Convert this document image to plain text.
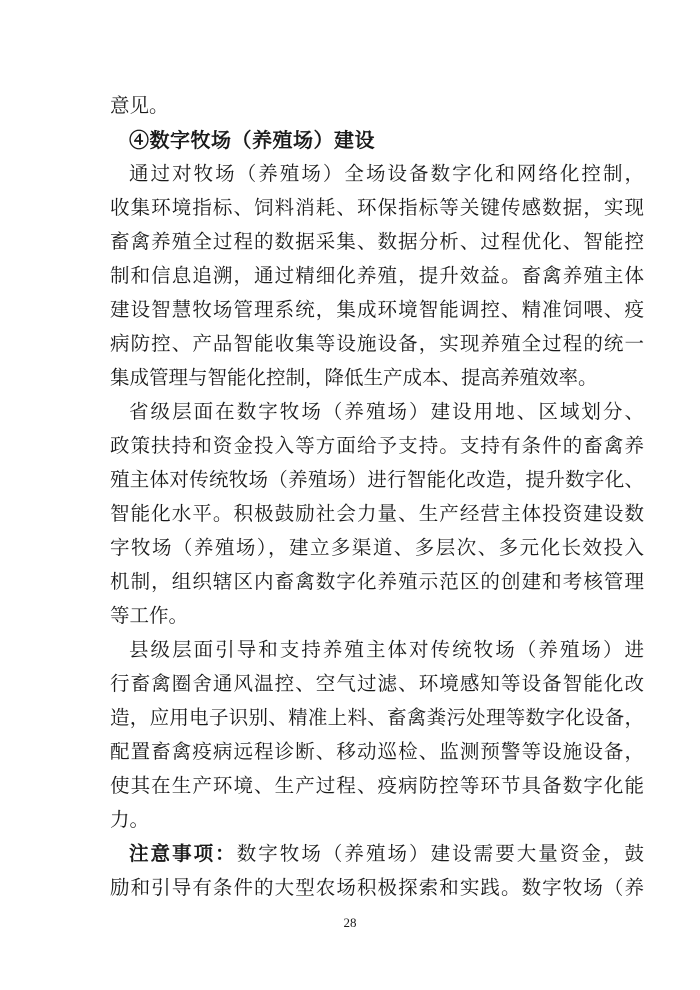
意见。
④数字牧场（养殖场）建设
通过对牧场（养殖场）全场设备数字化和网络化控制，
收集环境指标、饲料消耗、环保指标等关键传感数据，实现
畜禽养殖全过程的数据采集、数据分析、过程优化、智能控
制和信息追溯，通过精细化养殖，提升效益。畜禽养殖主体
建设智慧牧场管理系统，集成环境智能调控、精准饲喂、疫
病防控、产品智能收集等设施设备，实现养殖全过程的统一
集成管理与智能化控制，降低生产成本、提高养殖效率。
省级层面在数字牧场（养殖场）建设用地、区域划分、
政策扶持和资金投入等方面给予支持。支持有条件的畜禽养
殖主体对传统牧场（养殖场）进行智能化改造，提升数字化、
智能化水平。积极鼓励社会力量、生产经营主体投资建设数
字牧场（养殖场），建立多渠道、多层次、多元化长效投入
机制，组织辖区内畜禽数字化养殖示范区的创建和考核管理
等工作。
县级层面引导和支持养殖主体对传统牧场（养殖场）进
行畜禽圈舍通风温控、空气过滤、环境感知等设备智能化改
造，应用电子识别、精准上料、畜禽粪污处理等数字化设备，
配置畜禽疫病远程诊断、移动巡检、监测预警等设施设备，
使其在生产环境、生产过程、疫病防控等环节具备数字化能
力。
注意事项：数字牧场（养殖场）建设需要大量资金，鼓
励和引导有条件的大型农场积极探索和实践。数字牧场（养
28
